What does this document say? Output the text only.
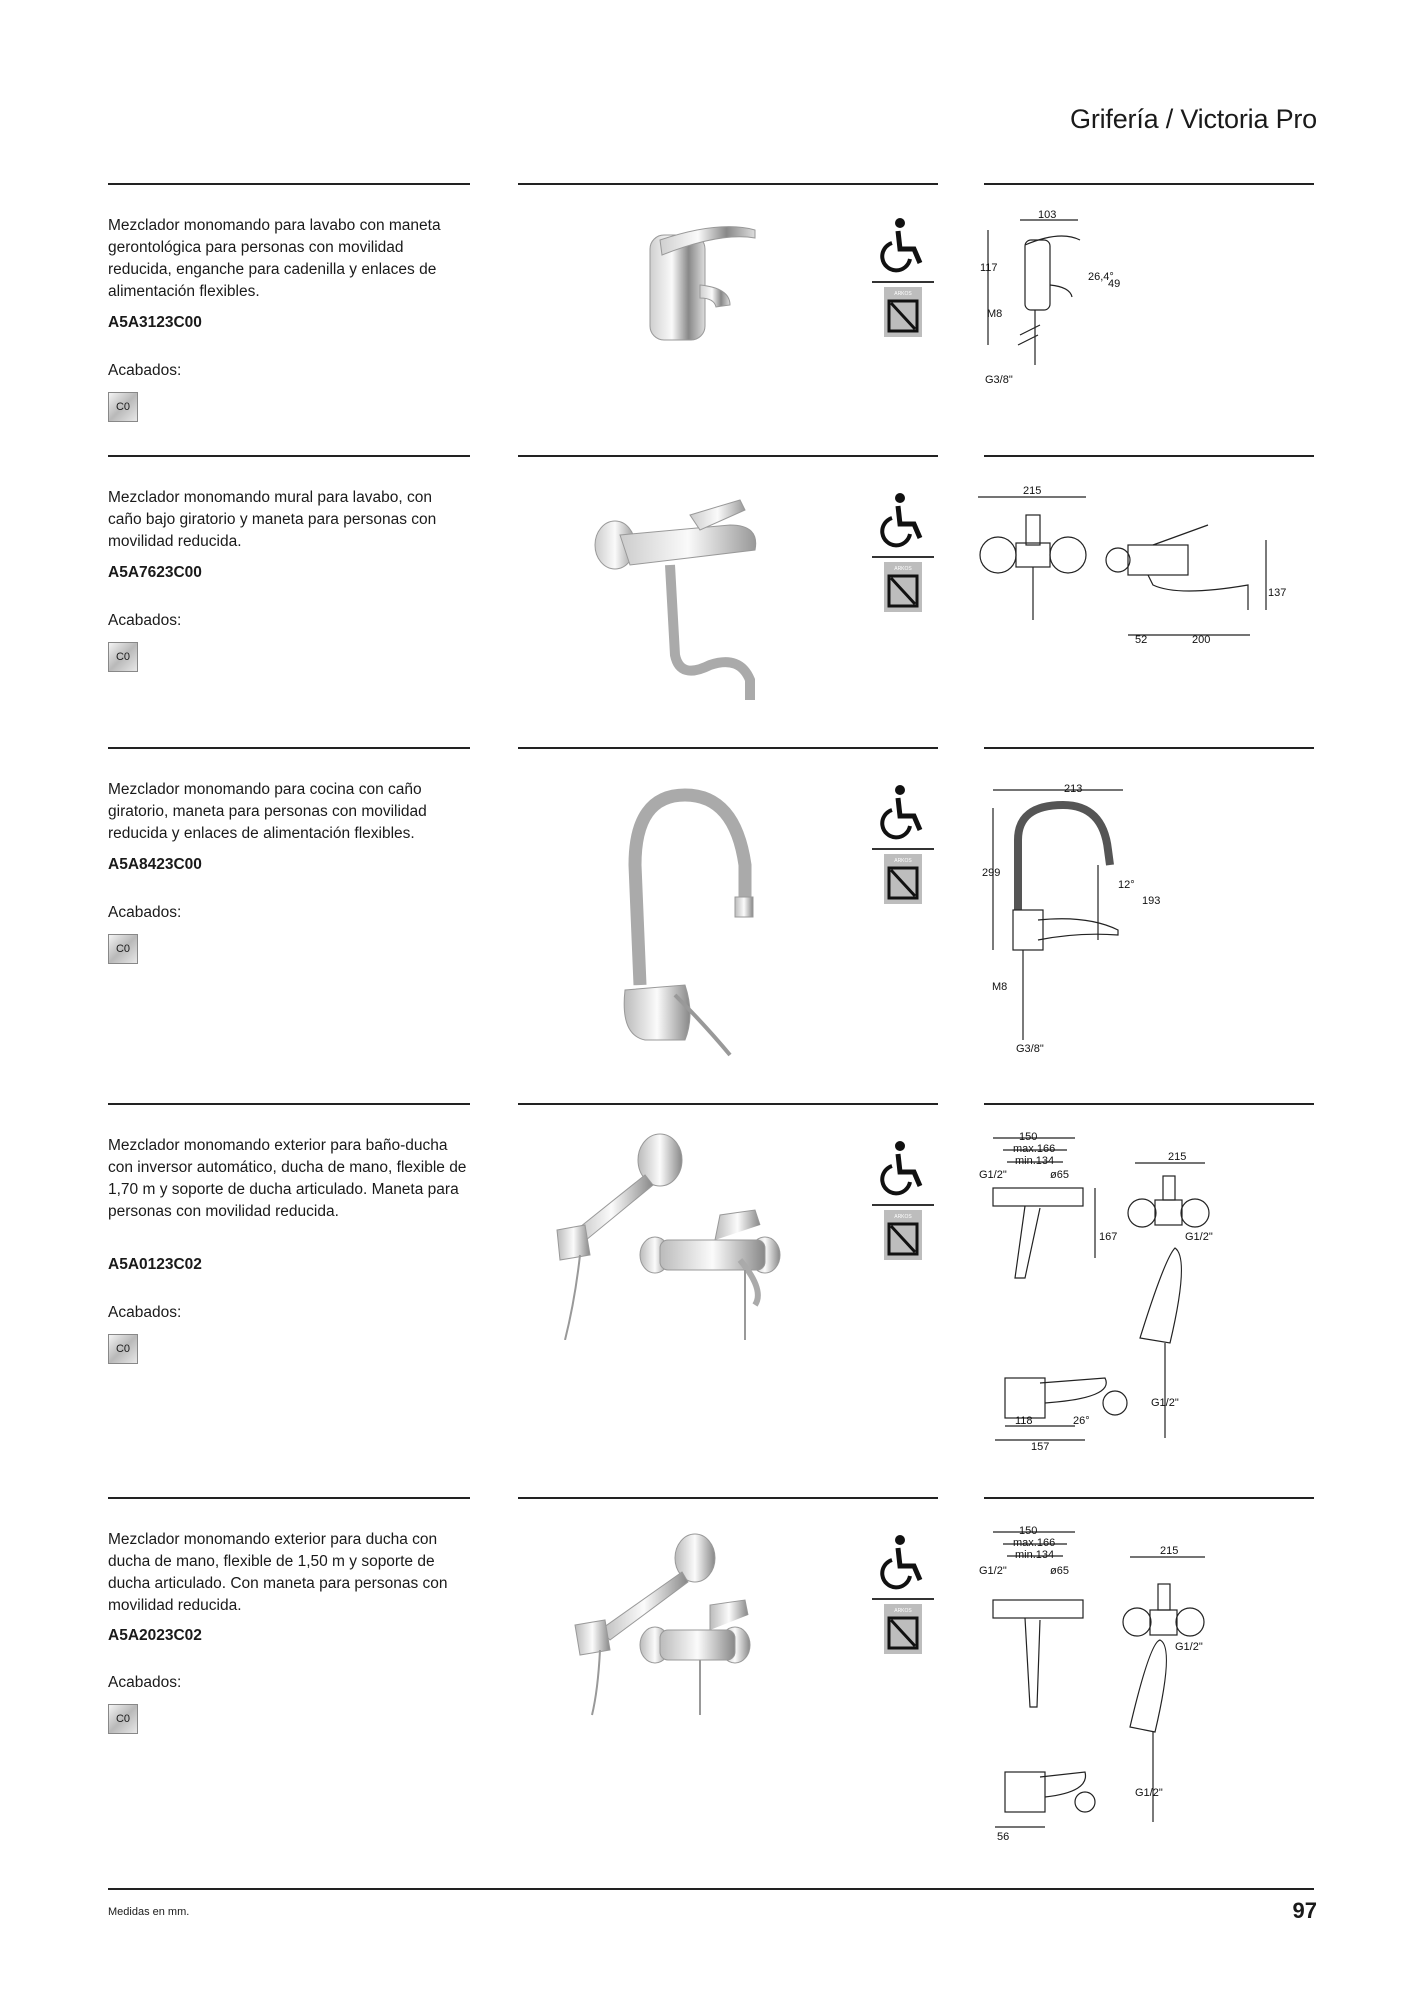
Grifería / Victoria Pro
Mezclador monomando para lavabo con maneta gerontológica para personas con movilidad reducida, enganche para cadenilla y enlaces de alimentación flexibles.
A5A3123C00
Acabados:
C0
ARKOS
103
117
26,4°
49
M8
G3/8"
Mezclador monomando mural para lavabo, con caño bajo giratorio y maneta para personas con movilidad reducida.
A5A7623C00
Acabados:
C0
ARKOS
215
137
52	200
Mezclador monomando para cocina con caño giratorio, maneta para personas con movilidad reducida y enlaces de alimentación flexibles.
A5A8423C00
Acabados:
C0
ARKOS
213
299
12°
193
M8
G3/8"
Mezclador monomando exterior para baño-ducha con inversor automático, ducha de mano, flexible de 1,70 m y soporte de ducha articulado. Maneta para personas con movilidad reducida.
A5A0123C02
Acabados:
C0
ARKOS
150
max.166
min.134
G1/2"	ø65
215
167	G1/2"
G1/2"
118	26°
157
Mezclador monomando exterior para ducha con ducha de mano, flexible de 1,50 m y soporte de ducha articulado. Con maneta para personas con movilidad reducida.
A5A2023C02
Acabados:
C0
ARKOS
150
max.166
min.134
G1/2"	ø65
215
G1/2"
G1/2"
56
Medidas en mm.	97
